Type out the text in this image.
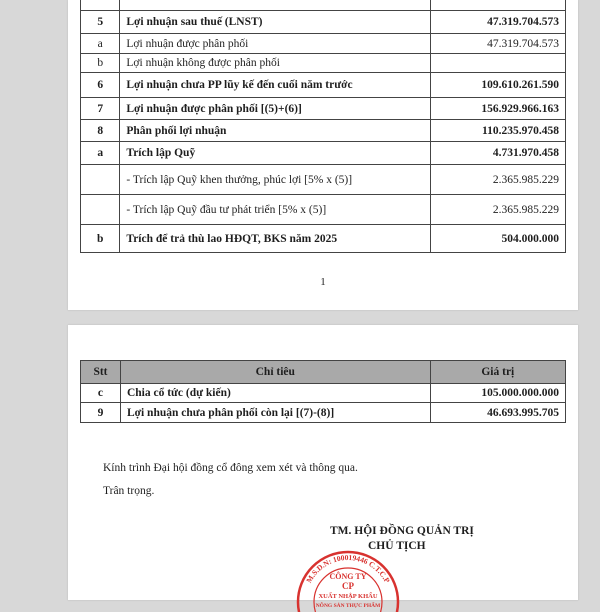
5	Lợi nhuận sau thuế (LNST)	47.319.704.573
a	Lợi nhuận được phân phối	47.319.704.573
b	Lợi nhuận không được phân phối	
6	Lợi nhuận chưa PP lũy kế đến cuối năm trước	109.610.261.590
7	Lợi nhuận được phân phối [(5)+(6)]	156.929.966.163
8	Phân phối lợi nhuận	110.235.970.458
a	Trích lập Quỹ	4.731.970.458
	- Trích lập Quỹ khen thưởng, phúc lợi [5% x (5)]	2.365.985.229
	- Trích lập Quỹ đầu tư phát triển [5% x (5)]	2.365.985.229
b	Trích để trả thù lao HĐQT, BKS năm 2025	504.000.000
1
Stt	Chỉ tiêu	Giá trị
c	Chia cổ tức (dự kiến)	105.000.000.000
9	Lợi nhuận chưa phân phối còn lại [(7)-(8)]	46.693.995.705
Kính trình Đại hội đồng cổ đông xem xét và thông qua.
Trân trọng.
TM. HỘI ĐỒNG QUẢN TRỊ
CHỦ TỊCH
M.S.D.N: 100019446 C.T.C.P
CÔNG TY
CP
XUẤT NHẬP KHẨU
NÔNG SẢN THỰC PHẨM
